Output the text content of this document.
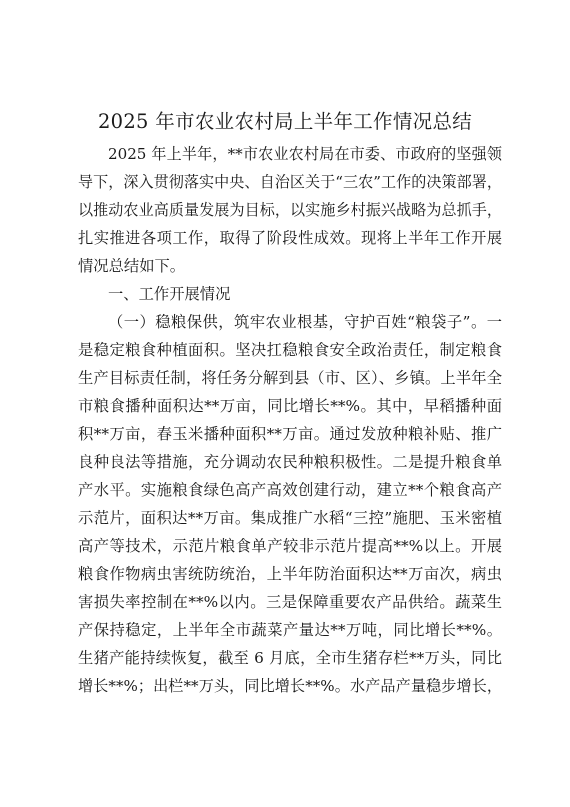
2025 年市农业农村局上半年工作情况总结
2025 年上半年，**市农业农村局在市委、市政府的坚强领
导下，深入贯彻落实中央、自治区关于“三农”工作的决策部署，
以推动农业高质量发展为目标，以实施乡村振兴战略为总抓手，
扎实推进各项工作，取得了阶段性成效。现将上半年工作开展
情况总结如下。
一、工作开展情况
（一）稳粮保供，筑牢农业根基，守护百姓“粮袋子”。一
是稳定粮食种植面积。坚决扛稳粮食安全政治责任，制定粮食
生产目标责任制，将任务分解到县（市、区）、乡镇。上半年全
市粮食播种面积达**万亩，同比增长**%。其中，早稻播种面
积**万亩，春玉米播种面积**万亩。通过发放种粮补贴、推广
良种良法等措施，充分调动农民种粮积极性。二是提升粮食单
产水平。实施粮食绿色高产高效创建行动，建立**个粮食高产
示范片，面积达**万亩。集成推广水稻“三控”施肥、玉米密植
高产等技术，示范片粮食单产较非示范片提高**%以上。开展
粮食作物病虫害统防统治，上半年防治面积达**万亩次，病虫
害损失率控制在**%以内。三是保障重要农产品供给。蔬菜生
产保持稳定，上半年全市蔬菜产量达**万吨，同比增长**%。
生猪产能持续恢复，截至 6 月底，全市生猪存栏**万头，同比
增长**%；出栏**万头，同比增长**%。水产品产量稳步增长，
